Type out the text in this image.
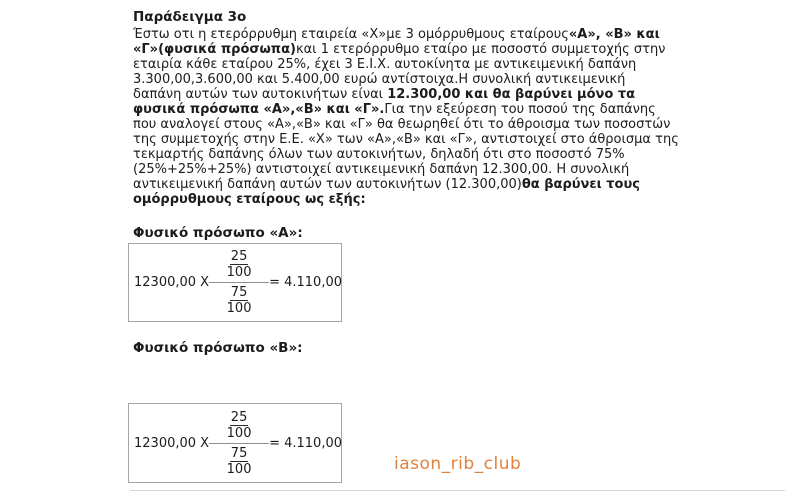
Παράδειγμα 3ο
Έστω οτι η ετερόρρυθμη εταιρεία «Χ»με 3 ομόρρυθμους εταίρους«Α», «Β» και
«Γ»(φυσικά πρόσωπα)και 1 ετερόρρυθμο εταίρο με ποσοστό συμμετοχής στην
εταιρία κάθε εταίρου 25%, έχει 3 Ε.Ι.Χ. αυτοκίνητα με αντικειμενική δαπάνη
3.300,00,3.600,00 και 5.400,00 ευρώ αντίστοιχα.Η συνολική αντικειμενική
δαπάνη αυτών των αυτοκινήτων είναι 12.300,00 και θα βαρύνει μόνο τα
φυσικά πρόσωπα «Α»,«Β» και «Γ».Για την εξεύρεση του ποσού της δαπάνης
που αναλογεί στους «Α»,«Β» και «Γ» θα θεωρηθεί ότι το άθροισμα των ποσοστών
της συμμετοχής στην Ε.Ε. «Χ» των «Α»,«Β» και «Γ», αντιστοιχεί στο άθροισμα της
τεκμαρτής δαπάνης όλων των αυτοκινήτων, δηλαδή ότι στο ποσοστό 75%
(25%+25%+25%) αντιστοιχεί αντικειμενική δαπάνη 12.300,00. Η συνολική
αντικειμενική δαπάνη αυτών των αυτοκινήτων (12.300,00)θα βαρύνει τους
ομόρρυθμους εταίρους ως εξής:
Φυσικό πρόσωπο «Α»:
12300,00 X $\frac{\frac{25}{100}}{\frac{75}{100}} = 4.110,00$
Φυσικό πρόσωπο «Β»:
12300,00 X $\frac{\frac{25}{100}}{\frac{75}{100}} = 4.110,00$
iason_rib_club
